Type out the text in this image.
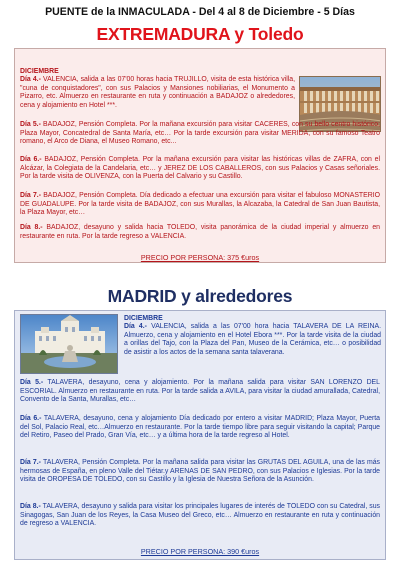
PUENTE de la INMACULADA - Del 4 al 8 de Diciembre - 5 Días
EXTREMADURA y Toledo
DICIEMBRE

Día 4.- VALENCIA, salida a las 07'00 horas hacia TRUJILLO, visita de esta histórica villa, "cuna de conquistadores", con sus Palacios y Mansiones nobiliarias, el Monumento a Pizarro, etc. Almuerzo en restaurante en ruta y continuación a BADAJOZ o alrededores, cena y alojamiento en Hotel ***.

Día 5.- BADAJOZ, Pensión Completa. Por la mañana excursión para visitar CACERES, con su bello centro histórico; Plaza Mayor, Concatedral de Santa María, etc… Por la tarde excursión para visitar MERIDA, con su famoso Teatro romano, el Arco de Diana, el Museo Romano, etc...

Día 6.- BADAJOZ, Pensión Completa. Por la mañana excursión para visitar las históricas villas de ZAFRA, con el Alcázar, la Colegiata de la Candelaria, etc… y JEREZ DE LOS CABALLEROS, con sus Palacios y Casas señoriales. Por la tarde visita de OLIVENZA, con la Puerta del Calvario y su Castillo.

Día 7.- BADAJOZ, Pensión Completa. Día dedicado a efectuar una excursión para visitar el fabuloso MONASTERIO DE GUADALUPE. Por la tarde visita de BADAJOZ, con sus Murallas, la Alcazaba, la Catedral de San Juan Bautista, la Plaza Mayor, etc…

Día 8.- BADAJOZ, desayuno y salida hacia TOLEDO, visita panorámica de la ciudad imperial y almuerzo en restaurante en ruta. Por la tarde regreso a VALENCIA.

PRECIO POR PERSONA: 375 €uros
MADRID y alrededores
DICIEMBRE

Día 4.- VALENCIA, salida a las 07'00 hora hacia TALAVERA DE LA REINA. Almuerzo, cena y alojamiento en el Hotel Ebora ***. Por la tarde visita de la ciudad a orillas del Tajo, con la Plaza del Pan, Museo de la Cerámica, etc… o posibilidad de asistir a los actos de la semana santa talaverana.

Día 5.- TALAVERA, desayuno, cena y alojamiento. Por la mañana salida para visitar SAN LORENZO DEL ESCORIAL. Almuerzo en restaurante en ruta. Por la tarde salida a AVILA, para visitar la ciudad amurallada, Catedral, Convento de la Santa, Murallas, etc…

Día 6.- TALAVERA, desayuno, cena y alojamiento Día dedicado por entero a visitar MADRID; Plaza Mayor, Puerta del Sol, Palacio Real, etc…Almuerzo en restaurante. Por la tarde tiempo libre para seguir visitando la capital; Parque del Retiro, Paseo del Prado, Gran Vía, etc… y a última hora de la tarde regreso al Hotel.

Día 7.- TALAVERA, Pensión Completa. Por la mañana salida para visitar las GRUTAS DEL AGUILA, una de las más hermosas de España, en pleno Valle del Tiétar.y ARENAS DE SAN PEDRO, con sus Palacios e Iglesias. Por la tarde visita de OROPESA DE TOLEDO, con su Castillo y la Iglesia de Nuestra Señora de la Asunción.

Día 8.- TALAVERA, desayuno y salida para visitar los principales lugares de interés de TOLEDO con su Catedral, sus Sinagogas, San Juan de los Reyes, la Casa Museo del Greco, etc… Almuerzo en restaurante en ruta y continuación de regreso a VALENCIA.

PRECIO POR PERSONA: 390 €uros
